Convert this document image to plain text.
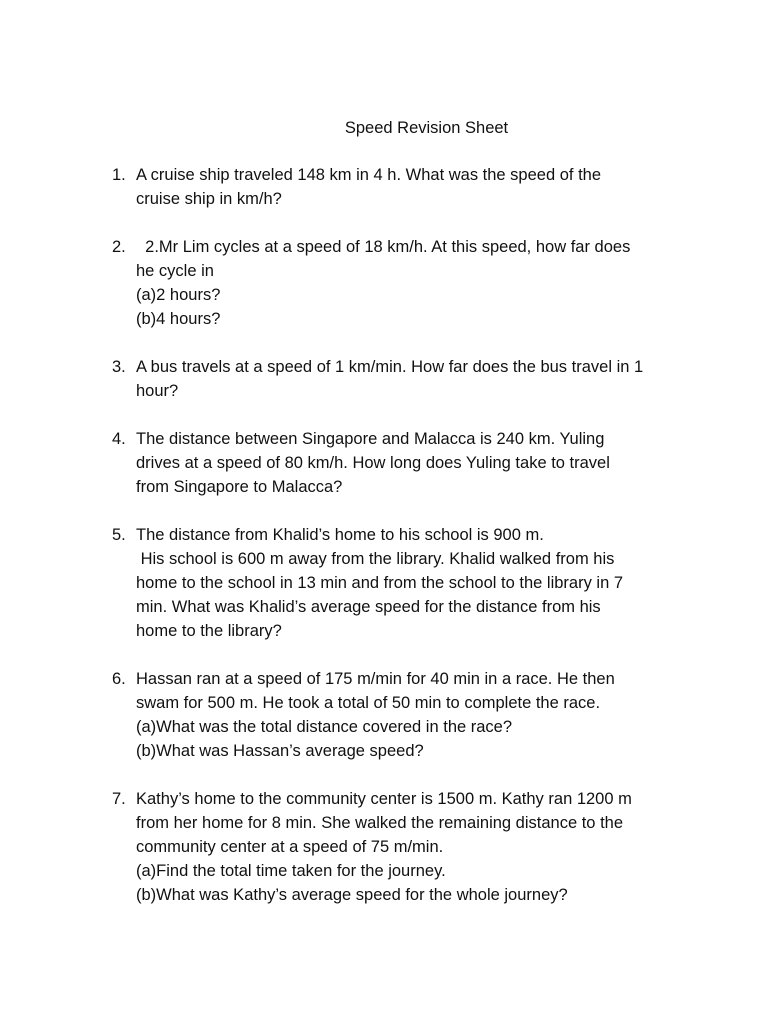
Speed Revision Sheet
1. A cruise ship traveled 148 km in 4 h. What was the speed of the
cruise ship in km/h?
2. 2.Mr Lim cycles at a speed of 18 km/h. At this speed, how far does
he cycle in
(a)2 hours?
(b)4 hours?
3. A bus travels at a speed of 1 km/min. How far does the bus travel in 1
hour?
4. The distance between Singapore and Malacca is 240 km. Yuling
drives at a speed of 80 km/h. How long does Yuling take to travel
from Singapore to Malacca?
5. The distance from Khalid’s home to his school is 900 m.
His school is 600 m away from the library. Khalid walked from his
home to the school in 13 min and from the school to the library in 7
min. What was Khalid’s average speed for the distance from his
home to the library?
6. Hassan ran at a speed of 175 m/min for 40 min in a race. He then
swam for 500 m. He took a total of 50 min to complete the race.
(a)What was the total distance covered in the race?
(b)What was Hassan’s average speed?
7. Kathy’s home to the community center is 1500 m. Kathy ran 1200 m
from her home for 8 min. She walked the remaining distance to the
community center at a speed of 75 m/min.
(a)Find the total time taken for the journey.
(b)What was Kathy’s average speed for the whole journey?
